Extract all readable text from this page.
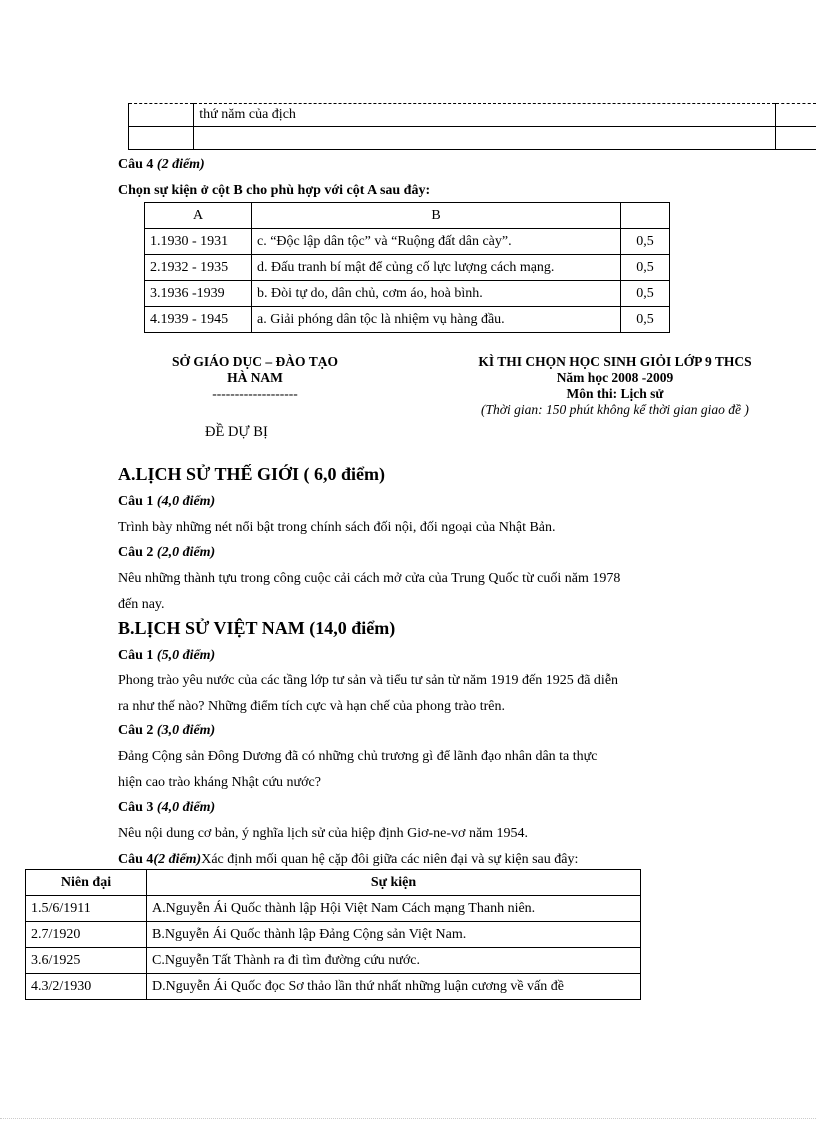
	thứ năm của địch	

Câu 4 (2 điểm)
Chọn sự kiện ở cột B cho phù hợp với cột A sau đây:
A	B	
1.1930 - 1931	c. “Độc lập dân tộc” và “Ruộng đất dân cày”.	0,5
2.1932 - 1935	d. Đấu tranh bí mật để củng cố lực lượng cách mạng.	0,5
3.1936 -1939	b. Đòi tự do, dân chủ, cơm áo, hoà bình.	0,5
4.1939 - 1945	a. Giải phóng dân tộc là nhiệm vụ hàng đầu.	0,5
SỞ GIÁO DỤC – ĐÀO TẠO
HÀ NAM
-------------------
ĐỀ DỰ BỊ
KÌ THI CHỌN HỌC SINH GIỎI LỚP 9 THCS
Năm học 2008 -2009
Môn thi: Lịch sử
(Thời gian: 150 phút không kể thời gian giao đề )
A.LỊCH SỬ THẾ GIỚI ( 6,0 điểm)
Câu 1 (4,0 điểm)
Trình bày những nét nổi bật trong chính sách đối nội, đối ngoại của Nhật Bản.
Câu 2 (2,0 điểm)
Nêu những thành tựu trong công cuộc cải cách mở cửa của Trung Quốc từ cuối năm 1978
đến nay.
B.LỊCH SỬ VIỆT NAM (14,0 điểm)
Câu 1 (5,0 điểm)
Phong trào yêu nước của các tầng lớp tư sản và tiểu tư sản từ năm 1919 đến 1925 đã diễn
ra như thế nào? Những điểm tích cực và hạn chế của phong trào trên.
Câu 2 (3,0 điểm)
Đảng Cộng sản Đông Dương đã có những chủ trương gì để lãnh đạo nhân dân ta thực
hiện cao trào kháng Nhật cứu nước?
Câu 3 (4,0 điểm)
Nêu nội dung cơ bản, ý nghĩa lịch sử của hiệp định Giơ-ne-vơ năm 1954.
Câu 4(2 điểm)Xác định mối quan hệ cặp đôi giữa các niên đại và sự kiện sau đây:
Niên đại	Sự kiện
1.5/6/1911	A.Nguyễn Ái Quốc thành lập Hội Việt Nam Cách mạng Thanh niên.
2.7/1920	B.Nguyễn Ái Quốc thành lập Đảng Cộng sản Việt Nam.
3.6/1925	C.Nguyễn Tất Thành ra đi tìm đường cứu nước.
4.3/2/1930	D.Nguyễn Ái Quốc đọc Sơ thảo lần thứ nhất những luận cương về vấn đề
